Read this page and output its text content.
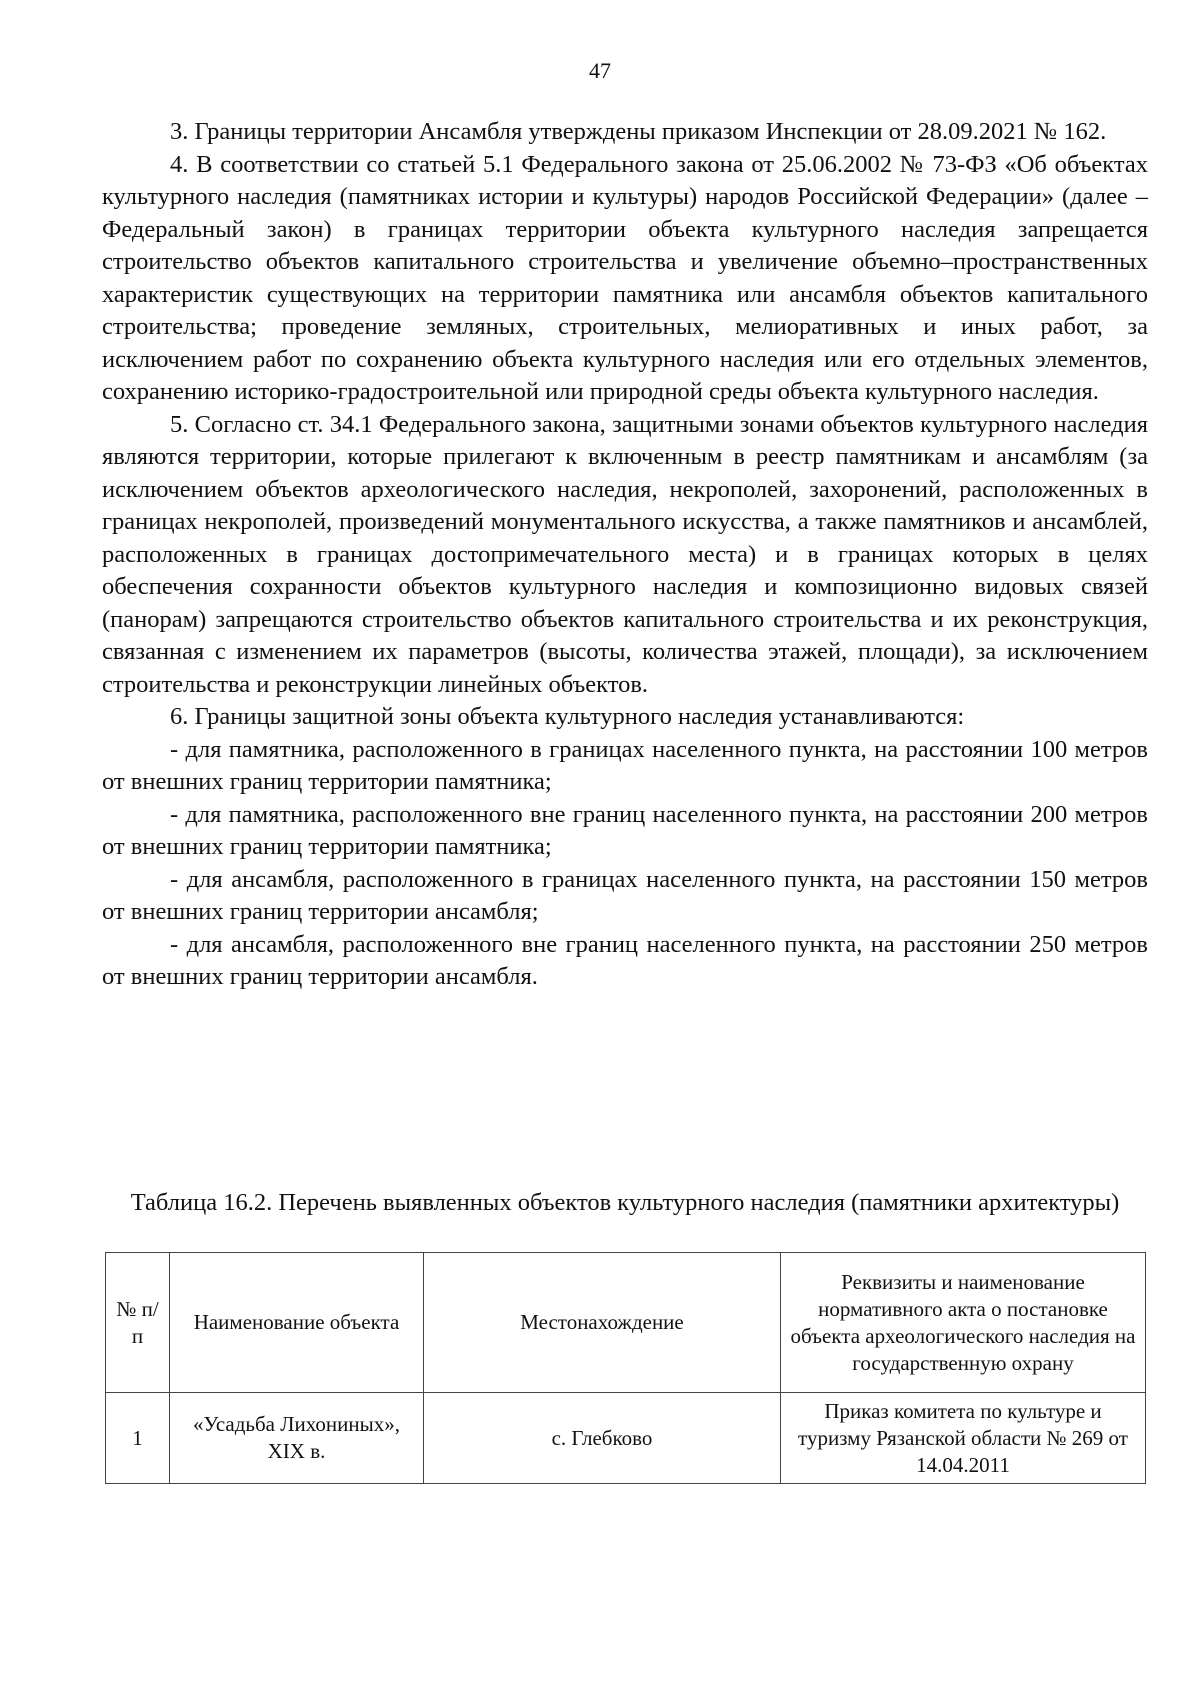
47

3. Границы территории Ансамбля утверждены приказом Инспекции от 28.09.2021 № 162.

4. В соответствии со статьей 5.1 Федерального закона от 25.06.2002 № 73-ФЗ «Об объектах культурного наследия (памятниках истории и культуры) народов Российской Федерации» (далее – Федеральный закон) в границах территории объекта культурного наследия запрещается строительство объектов капитального строительства и увеличение объемно–пространственных характеристик существующих на территории памятника или ансамбля объектов капитального строительства; проведение земляных, строительных, мелиоративных и иных работ, за исключением работ по сохранению объекта культурного наследия или его отдельных элементов, сохранению историко-градостроительной или природной среды объекта культурного наследия.

5. Согласно ст. 34.1 Федерального закона, защитными зонами объектов культурного наследия являются территории, которые прилегают к включенным в реестр памятникам и ансамблям (за исключением объектов археологического наследия, некрополей, захоронений, расположенных в границах некрополей, произведений монументального искусства, а также памятников и ансамблей, расположенных в границах достопримечательного места) и в границах которых в целях обеспечения сохранности объектов культурного наследия и композиционно видовых связей (панорам) запрещаются строительство объектов капитального строительства и их реконструкция, связанная с изменением их параметров (высоты, количества этажей, площади), за исключением строительства и реконструкции линейных объектов.

6. Границы защитной зоны объекта культурного наследия устанавливаются:

- для памятника, расположенного в границах населенного пункта, на расстоянии 100 метров от внешних границ территории памятника;

- для памятника, расположенного вне границ населенного пункта, на расстоянии 200 метров от внешних границ территории памятника;

- для ансамбля, расположенного в границах населенного пункта, на расстоянии 150 метров от внешних границ территории ансамбля;

- для ансамбля, расположенного вне границ населенного пункта, на расстоянии 250 метров от внешних границ территории ансамбля.

Таблица 16.2. Перечень выявленных объектов культурного наследия (памятники архитектуры)

№ п/п	Наименование объекта	Местонахождение	Реквизиты и наименование нормативного акта о постановке объекта археологического наследия на государственную охрану
1	«Усадьба Лихониных», XIX в.	с. Глебково	Приказ комитета по культуре и туризму Рязанской области № 269 от 14.04.2011
